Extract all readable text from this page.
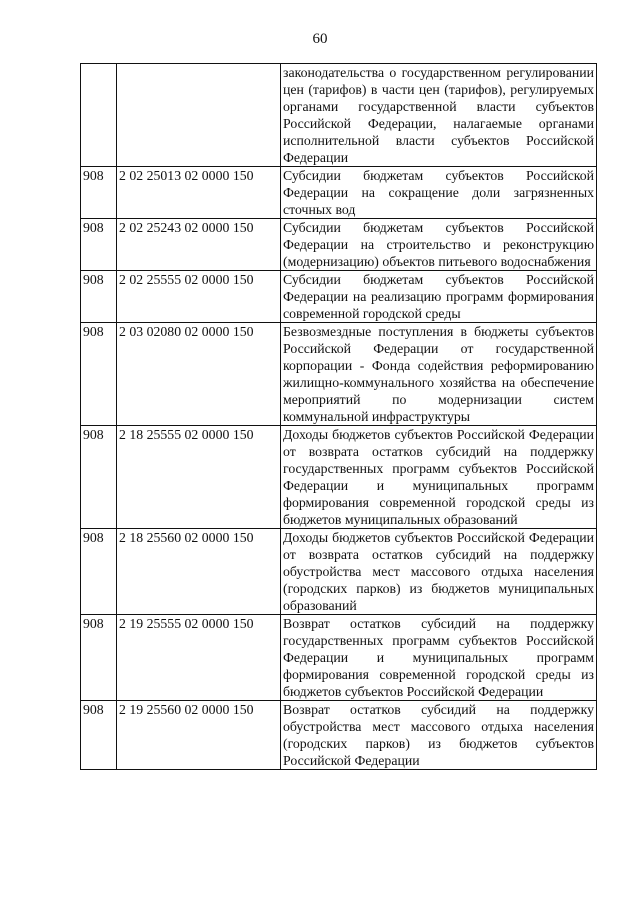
60
		законодательства о государственном регулировании цен (тарифов) в части цен (тарифов), регулируемых органами государственной власти субъектов Российской Федерации, налагаемые органами исполнительной власти субъектов Российской Федерации
908	2 02 25013 02 0000 150	Субсидии бюджетам субъектов Российской Федерации на сокращение доли загрязненных сточных вод
908	2 02 25243 02 0000 150	Субсидии бюджетам субъектов Российской Федерации на строительство и реконструкцию (модернизацию) объектов питьевого водоснабжения
908	2 02 25555 02 0000 150	Субсидии бюджетам субъектов Российской Федерации на реализацию программ формирования современной городской среды
908	2 03 02080 02 0000 150	Безвозмездные поступления в бюджеты субъектов Российской Федерации от государственной корпорации - Фонда содействия реформированию жилищно-коммунального хозяйства на обеспечение мероприятий по модернизации систем коммунальной инфраструктуры
908	2 18 25555 02 0000 150	Доходы бюджетов субъектов Российской Федерации от возврата остатков субсидий на поддержку государственных программ субъектов Российской Федерации и муниципальных программ формирования современной городской среды из бюджетов муниципальных образований
908	2 18 25560 02 0000 150	Доходы бюджетов субъектов Российской Федерации от возврата остатков субсидий на поддержку обустройства мест массового отдыха населения (городских парков) из бюджетов муниципальных образований
908	2 19 25555 02 0000 150	Возврат остатков субсидий на поддержку государственных программ субъектов Российской Федерации и муниципальных программ формирования современной городской среды из бюджетов субъектов Российской Федерации
908	2 19 25560 02 0000 150	Возврат остатков субсидий на поддержку обустройства мест массового отдыха населения (городских парков) из бюджетов субъектов Российской Федерации
